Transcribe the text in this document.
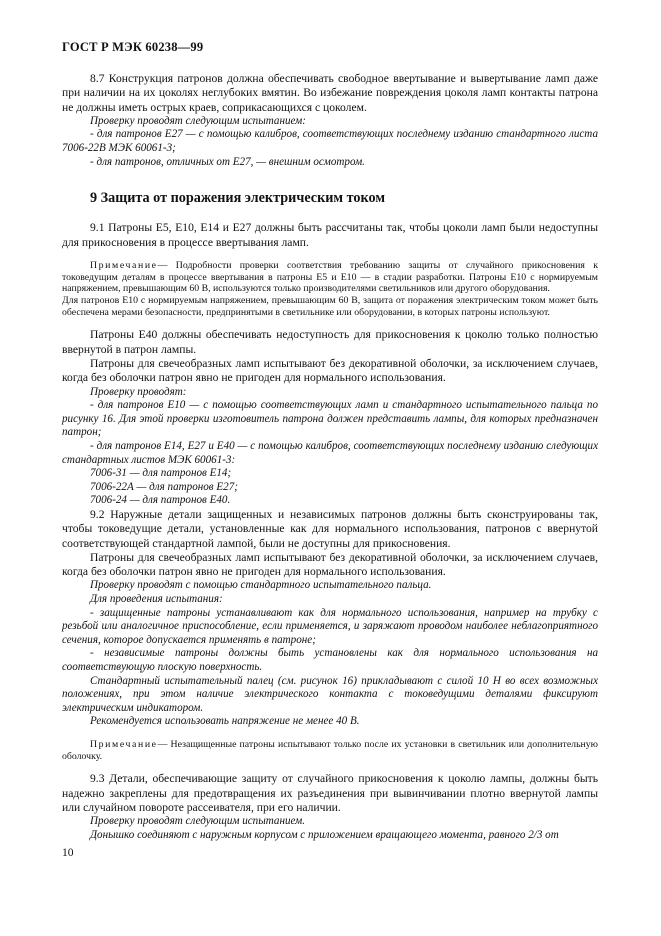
ГОСТ Р МЭК 60238—99

8.7 Конструкция патронов должна обеспечивать свободное ввертывание и вывертывание ламп даже при наличии на их цоколях неглубоких вмятин. Во избежание повреждения цоколя ламп контакты патрона не должны иметь острых краев, соприкасающихся с цоколем.

Проверку проводят следующим испытанием:

- для патронов Е27 — с помощью калибров, соответствующих последнему изданию стандартного листа 7006-22В МЭК 60061-3;

- для патронов, отличных от Е27, — внешним осмотром.

9 Защита от поражения электрическим током

9.1 Патроны Е5, Е10, Е14 и Е27 должны быть рассчитаны так, чтобы цоколи ламп были недоступны для прикосновения в процессе ввертывания ламп.

Примечание— Подробности проверки соответствия требованию защиты от случайного прикосновения к токоведущим деталям в процессе ввертывания в патроны Е5 и Е10 — в стадии разработки. Патроны Е10 с нормируемым напряжением, превышающим 60 В, используются только производителями светильников или другого оборудования.

Для патронов Е10 с нормируемым напряжением, превышающим 60 В, защита от поражения электрическим током может быть обеспечена мерами безопасности, предпринятыми в светильнике или оборудовании, в которых патроны используют.

Патроны Е40 должны обеспечивать недоступность для прикосновения к цоколю только полностью ввернутой в патрон лампы.

Патроны для свечеобразных ламп испытывают без декоративной оболочки, за исключением случаев, когда без оболочки патрон явно не пригоден для нормального использования.

Проверку проводят:

- для патронов Е10 — с помощью соответствующих ламп и стандартного испытательного пальца по рисунку 16. Для этой проверки изготовитель патрона должен представить лампы, для которых предназначен патрон;

- для патронов Е14, Е27 и Е40 — с помощью калибров, соответствующих последнему изданию следующих стандартных листов МЭК 60061-3:

7006-31 — для патронов Е14;

7006-22А — для патронов Е27;

7006-24 — для патронов Е40.

9.2 Наружные детали защищенных и независимых патронов должны быть сконструированы так, чтобы токоведущие детали, установленные как для нормального использования, патронов с ввернутой соответствующей стандартной лампой, были не доступны для прикосновения.

Патроны для свечеобразных ламп испытывают без декоративной оболочки, за исключением случаев, когда без оболочки патрон явно не пригоден для нормального использования.

Проверку проводят с помощью стандартного испытательного пальца.

Для проведения испытания:

- защищенные патроны устанавливают как для нормального использования, например на трубку с резьбой или аналогичное приспособление, если применяется, и заряжают проводом наиболее неблагоприятного сечения, которое допускается применять в патроне;

- независимые патроны должны быть установлены как для нормального использования на соответствующую плоскую поверхность.

Стандартный испытательный палец (см. рисунок 16) прикладывают с силой 10 Н во всех возможных положениях, при этом наличие электрического контакта с токоведущими деталями фиксируют электрическим индикатором.

Рекомендуется использовать напряжение не менее 40 В.

Примечание— Незащищенные патроны испытывают только после их установки в светильник или дополнительную оболочку.

9.3 Детали, обеспечивающие защиту от случайного прикосновения к цоколю лампы, должны быть надежно закреплены для предотвращения их разъединения при вывинчивании плотно ввернутой лампы или случайном повороте рассеивателя, при его наличии.

Проверку проводят следующим испытанием.

Донышко соединяют с наружным корпусом с приложением вращающего момента, равного 2/3 от

10
